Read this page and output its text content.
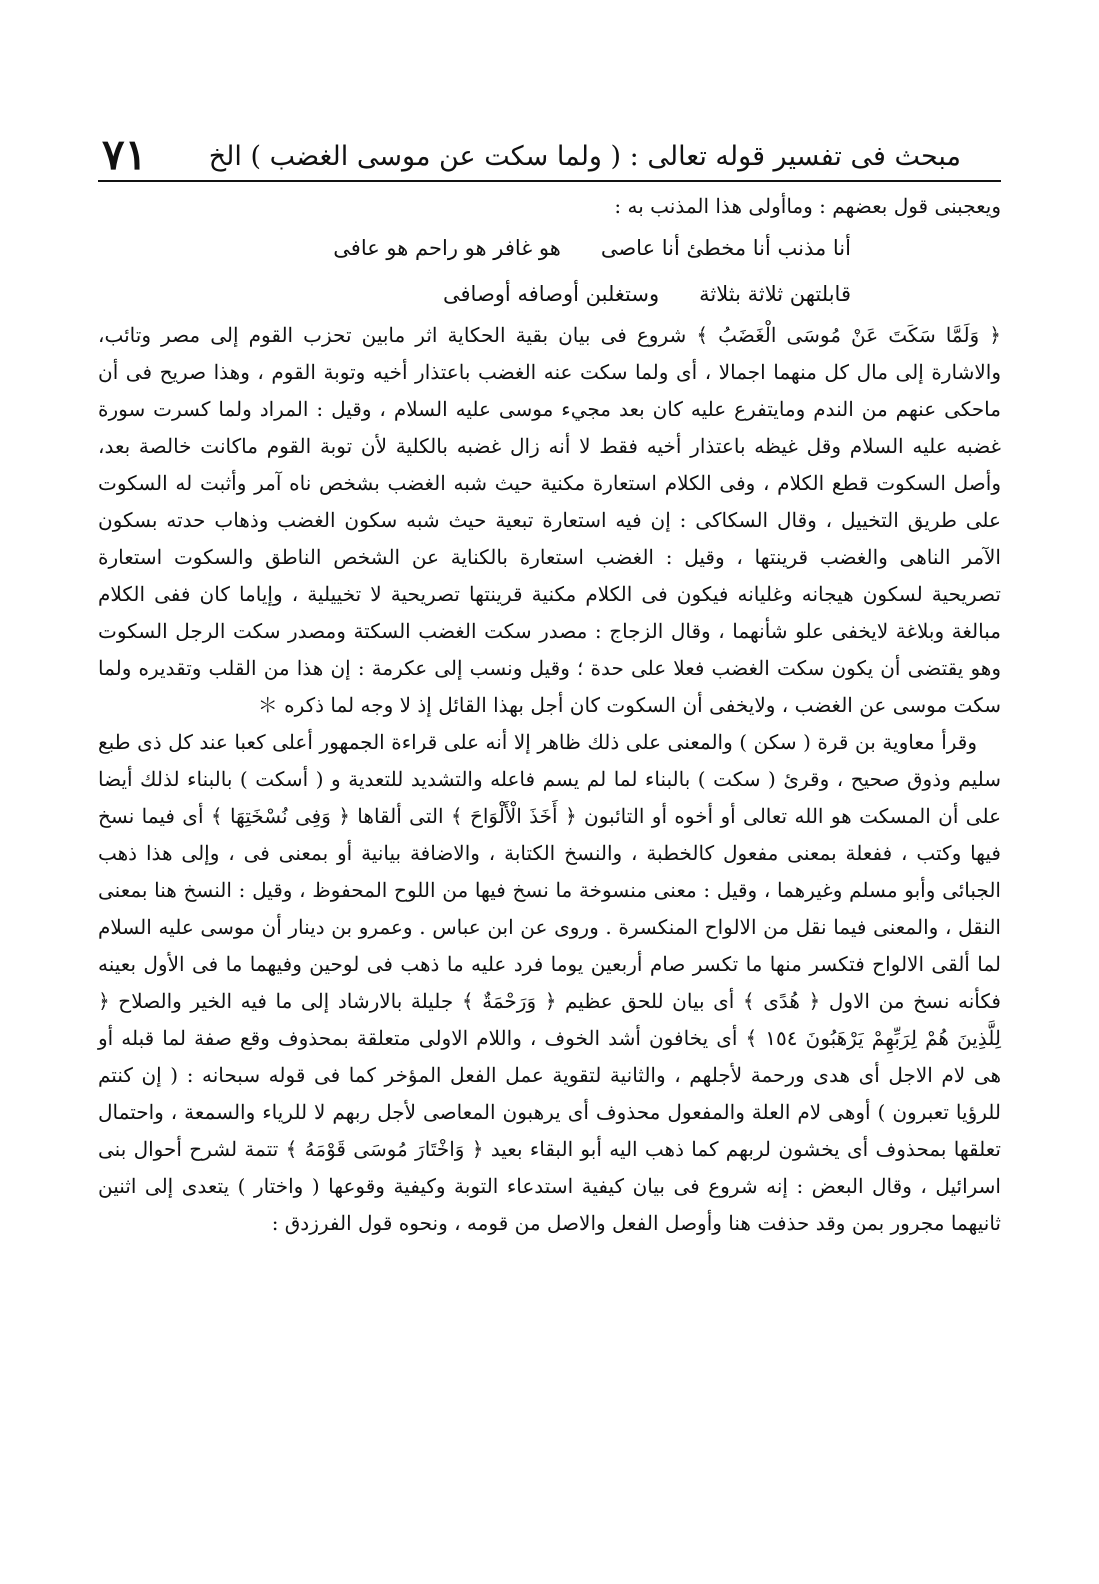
مبحث فى تفسير قوله تعالى : ( ولما سكت عن موسى الغضب ) الخ
٧١

ويعجبنى قول بعضهم : وماأولى هذا المذنب به :

أنا مذنب أنا مخطئ أنا عاصى
هو غافر هو راحم هو عافى
قابلتهن ثلاثة بثلاثة
وستغلبن أوصافه أوصافى

﴿ وَلَمَّا سَكَتَ عَنْ مُوسَى الْغَضَبُ ﴾ شروع فى بيان بقية الحكاية اثر مابين تحزب القوم إلى مصر وتائب، والاشارة إلى مال كل منهما اجمالا ، أى ولما سكت عنه الغضب باعتذار أخيه وتوبة القوم ، وهذا صريح فى أن ماحكى عنهم من الندم ومايتفرع عليه كان بعد مجيء موسى عليه السلام ، وقيل : المراد ولما كسرت سورة غضبه عليه السلام وقل غيظه باعتذار أخيه فقط لا أنه زال غضبه بالكلية لأن توبة القوم ماكانت خالصة بعد، وأصل السكوت قطع الكلام ، وفى الكلام استعارة مكنية حيث شبه الغضب بشخص ناه آمر وأثبت له السكوت على طريق التخييل ، وقال السكاكى : إن فيه استعارة تبعية حيث شبه سكون الغضب وذهاب حدته بسكون الآمر الناهى والغضب قرينتها ، وقيل : الغضب استعارة بالكناية عن الشخص الناطق والسكوت استعارة تصريحية لسكون هيجانه وغليانه فيكون فى الكلام مكنية قرينتها تصريحية لا تخييلية ، وإياما كان ففى الكلام مبالغة وبلاغة لايخفى علو شأنهما ، وقال الزجاج : مصدر سكت الغضب السكتة ومصدر سكت الرجل السكوت وهو يقتضى أن يكون سكت الغضب فعلا على حدة ؛ وقيل ونسب إلى عكرمة : إن هذا من القلب وتقديره ولما سكت موسى عن الغضب ، ولايخفى أن السكوت كان أجل بهذا القائل إذ لا وجه لما ذكره ＊

وقرأ معاوية بن قرة ( سكن ) والمعنى على ذلك ظاهر إلا أنه على قراءة الجمهور أعلى كعبا عند كل ذى طبع سليم وذوق صحيح ، وقرئ ( سكت ) بالبناء لما لم يسم فاعله والتشديد للتعدية و ( أسكت ) بالبناء لذلك أيضا على أن المسكت هو الله تعالى أو أخوه أو التائبون ﴿ أَخَذَ الْأَلْوَاحَ ﴾ التى ألقاها ﴿ وَفِى نُسْخَتِهَا ﴾ أى فيما نسخ فيها وكتب ، ففعلة بمعنى مفعول كالخطبة ، والنسخ الكتابة ، والاضافة بيانية أو بمعنى فى ، وإلى هذا ذهب الجبائى وأبو مسلم وغيرهما ، وقيل : معنى منسوخة ما نسخ فيها من اللوح المحفوظ ، وقيل : النسخ هنا بمعنى النقل ، والمعنى فيما نقل من الالواح المنكسرة . وروى عن ابن عباس . وعمرو بن دينار أن موسى عليه السلام لما ألقى الالواح فتكسر منها ما تكسر صام أربعين يوما فرد عليه ما ذهب فى لوحين وفيهما ما فى الأول بعينه فكأنه نسخ من الاول ﴿ هُدًى ﴾ أى بيان للحق عظيم ﴿ وَرَحْمَةٌ ﴾ جليلة بالارشاد إلى ما فيه الخير والصلاح ﴿ لِلَّذِينَ هُمْ لِرَبِّهِمْ يَرْهَبُونَ ١٥٤ ﴾ أى يخافون أشد الخوف ، واللام الاولى متعلقة بمحذوف وقع صفة لما قبله أو هى لام الاجل أى هدى ورحمة لأجلهم ، والثانية لتقوية عمل الفعل المؤخر كما فى قوله سبحانه : ( إن كنتم للرؤيا تعبرون ) أوهى لام العلة والمفعول محذوف أى يرهبون المعاصى لأجل ربهم لا للرياء والسمعة ، واحتمال تعلقها بمحذوف أى يخشون لربهم كما ذهب اليه أبو البقاء بعيد ﴿ وَاخْتَارَ مُوسَى قَوْمَهُ ﴾ تتمة لشرح أحوال بنى اسرائيل ، وقال البعض : إنه شروع فى بيان كيفية استدعاء التوبة وكيفية وقوعها ( واختار ) يتعدى إلى اثنين ثانيهما مجرور بمن وقد حذفت هنا وأوصل الفعل والاصل من قومه ، ونحوه قول الفرزدق :
